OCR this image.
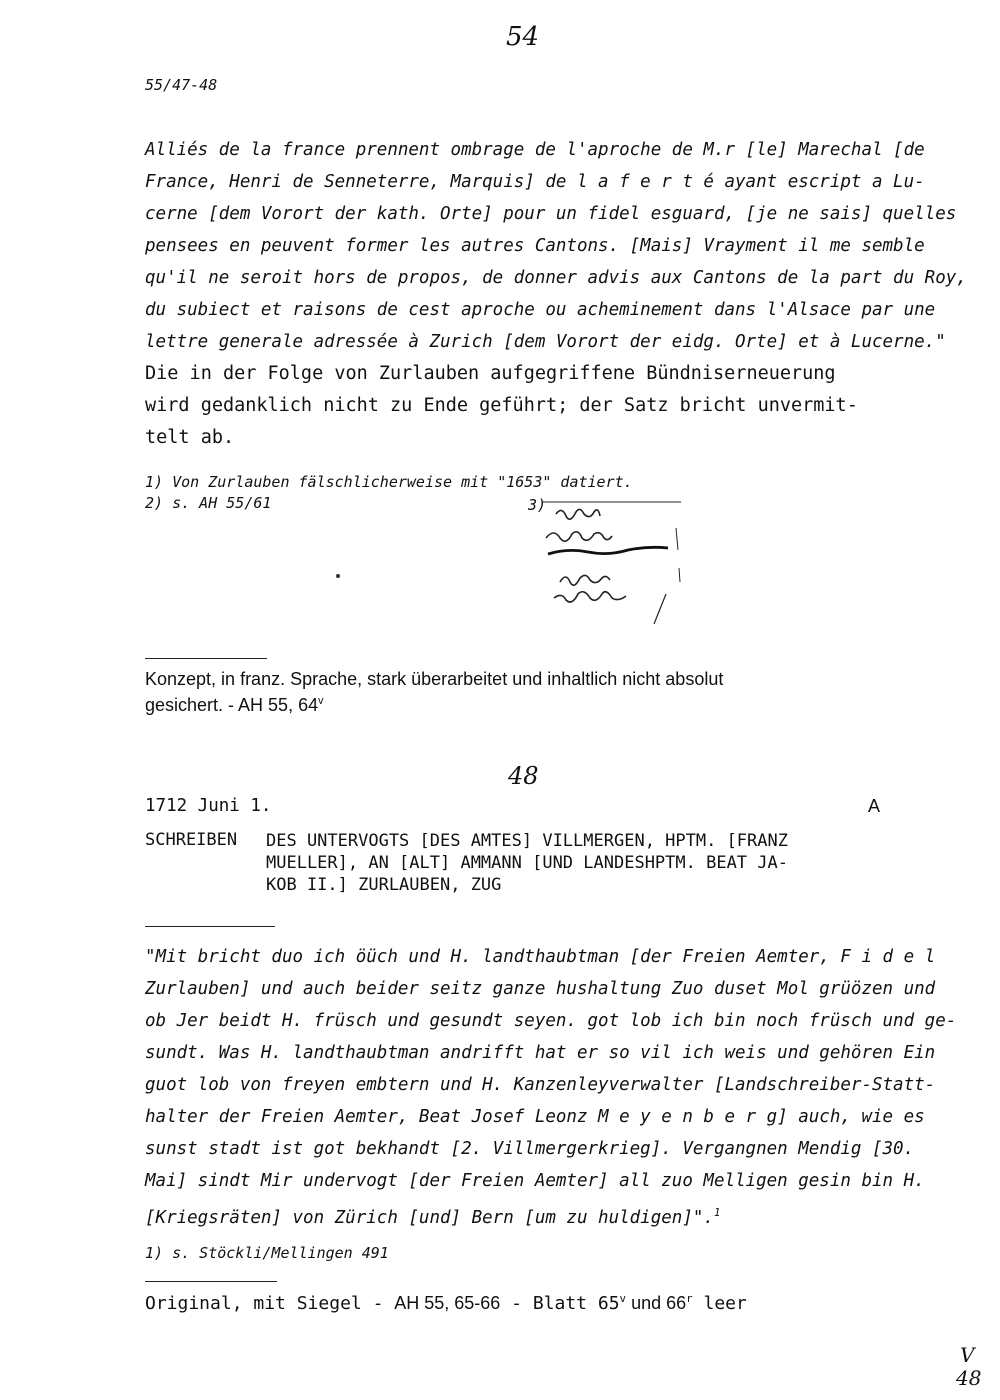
54
55/47-48
Alliés de la france prennent ombrage de l'aproche de M.r [le] Marechal [de
France, Henri de Senneterre, Marquis] de l a f e r t é ayant escript a Lu-
cerne [dem Vorort der kath. Orte] pour un fidel esguard, [je ne sais] quelles
pensees en peuvent former les autres Cantons. [Mais] Vrayment il me semble
qu'il ne seroit hors de propos, de donner advis aux Cantons de la part du Roy,
du subiect et raisons de cest aproche ou acheminement dans l'Alsace par une
lettre generale adressée à Zurich [dem Vorort der eidg. Orte] et à Lucerne."
Die in der Folge von Zurlauben aufgegriffene Bündniserneuerung
wird gedanklich nicht zu Ende geführt; der Satz bricht unvermit-
telt ab.
1) Von Zurlauben fälschlicherweise mit "1653" datiert.
2) s. AH 55/61	3)
Konzept, in franz. Sprache, stark überarbeitet und inhaltlich nicht absolut
gesichert. - AH 55, 64$^v$
48
1712 Juni 1.	A
SCHREIBEN DES UNTERVOGTS [DES AMTES] VILLMERGEN, HPTM. [FRANZ
MUELLER], AN [ALT] AMMANN [UND LANDESHPTM. BEAT JA-
KOB II.] ZURLAUBEN, ZUG
"Mit bricht duo ich öüch und H. landthaubtman [der Freien Aemter, F i d e l
Zurlauben] und auch beider seitz ganze hushaltung Zuo duset Mol grüözen und
ob Jer beidt H. früsch und gesundt seyen. got lob ich bin noch früsch und ge-
sundt. Was H. landthaubtman andrifft hat er so vil ich weis und gehören Ein
guot lob von freyen embtern und H. Kanzenleyverwalter [Landschreiber-Statt-
halter der Freien Aemter, Beat Josef Leonz M e y e n b e r g] auch, wie es
sunst stadt ist got bekhandt [2. Villmergerkrieg]. Vergangnen Mendig [30.
Mai] sindt Mir undervogt [der Freien Aemter] all zuo Melligen gesin bin H.
[Kriegsräten] von Zürich [und] Bern [um zu huldigen]".$^1$
1) s. Stöckli/Mellingen 491
Original, mit Siegel - AH 55, 65-66 - Blatt 65$^v$ und 66$^r$ leer
V
48
